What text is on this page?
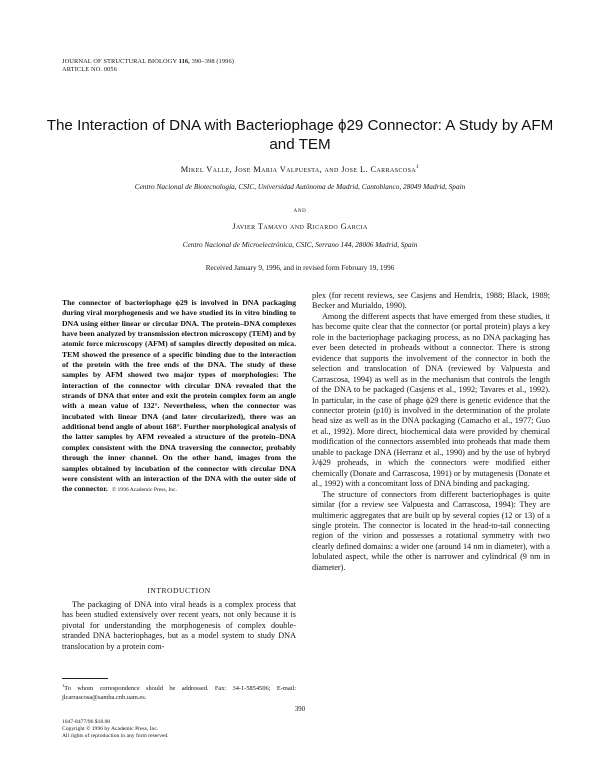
JOURNAL OF STRUCTURAL BIOLOGY 116, 390–398 (1996)
ARTICLE NO. 0056
The Interaction of DNA with Bacteriophage ϕ29 Connector: A Study by AFM and TEM
Mikel Valle, Jose Maria Valpuesta, and Jose L. Carrascosa$^1$
Centro Nacional de Biotecnología, CSIC, Universidad Autónoma de Madrid, Cantoblanco, 28049 Madrid, Spain
and
Javier Tamayo and Ricardo Garcia
Centro Nacional de Microelectrónica, CSIC, Serrano 144, 28006 Madrid, Spain
Received January 9, 1996, and in revised form February 19, 1996
The connector of bacteriophage ϕ29 is involved in DNA packaging during viral morphogenesis and we have studied its in vitro binding to DNA using either linear or circular DNA. The protein–DNA complexes have been analyzed by transmission electron microscopy (TEM) and by atomic force microscopy (AFM) of samples directly deposited on mica. TEM showed the presence of a specific binding due to the interaction of the protein with the free ends of the DNA. The study of these samples by AFM showed two major types of morphologies: The interaction of the connector with circular DNA revealed that the strands of DNA that enter and exit the protein complex form an angle with a mean value of 132°. Nevertheless, when the connector was incubated with linear DNA (and later circularized), there was an additional bend angle of about 168°. Further morphological analysis of the latter samples by AFM revealed a structure of the protein–DNA complex consistent with the DNA traversing the connector, probably through the inner channel. On the other hand, images from the samples obtained by incubation of the connector with circular DNA were consistent with an interaction of the DNA with the outer side of the connector. © 1996 Academic Press, Inc.
INTRODUCTION

The packaging of DNA into viral heads is a complex process that has been studied extensively over recent years, not only because it is pivotal for understanding the morphogenesis of complex double-stranded DNA bacteriophages, but as a model system to study DNA translocation by a protein com-

$^1$To whom correspondence should be addressed. Fax: 34-1-5854506; E-mail: jlcarrascosa@samba.cnb.uam.es.

plex (for recent reviews, see Casjens and Hendrix, 1988; Black, 1989; Becker and Murialdo, 1990).

Among the different aspects that have emerged from these studies, it has become quite clear that the connector (or portal protein) plays a key role in the bacteriophage packaging process, as no DNA packaging has ever been detected in proheads without a connector. There is strong evidence that supports the involvement of the connector in both the selection and translocation of DNA (reviewed by Valpuesta and Carrascosa, 1994) as well as in the mechanism that controls the length of the DNA to be packaged (Casjens et al., 1992; Tavares et al., 1992). In particular, in the case of phage ϕ29 there is genetic evidence that the connector protein (p10) is involved in the determination of the prolate head size as well as in the DNA packaging (Camacho et al., 1977; Guo et al., 1992). More direct, biochemical data were provided by chemical modification of the connectors assembled into proheads that made them unable to package DNA (Herranz et al., 1990) and by the use of hybryd λ/ϕ29 proheads, in which the connectors were modified either chemically (Donate and Carrascosa, 1991) or by mutagenesis (Donate et al., 1992) with a concomitant loss of DNA binding and packaging.

The structure of connectors from different bacteriophages is quite similar (for a review see Valpuesta and Carrascosa, 1994): They are multimeric aggregates that are built up by several copies (12 or 13) of a single protein. The connector is located in the head-to-tail connecting region of the virion and possesses a rotational symmetry with two clearly defined domains: a wider one (around 14 nm in diameter), with a lobulated aspect, while the other is narrower and cylindrical (9 nm in diameter).

390
1047-8477/96 $18.00
Copyright © 1996 by Academic Press, Inc.
All rights of reproduction in any form reserved.
